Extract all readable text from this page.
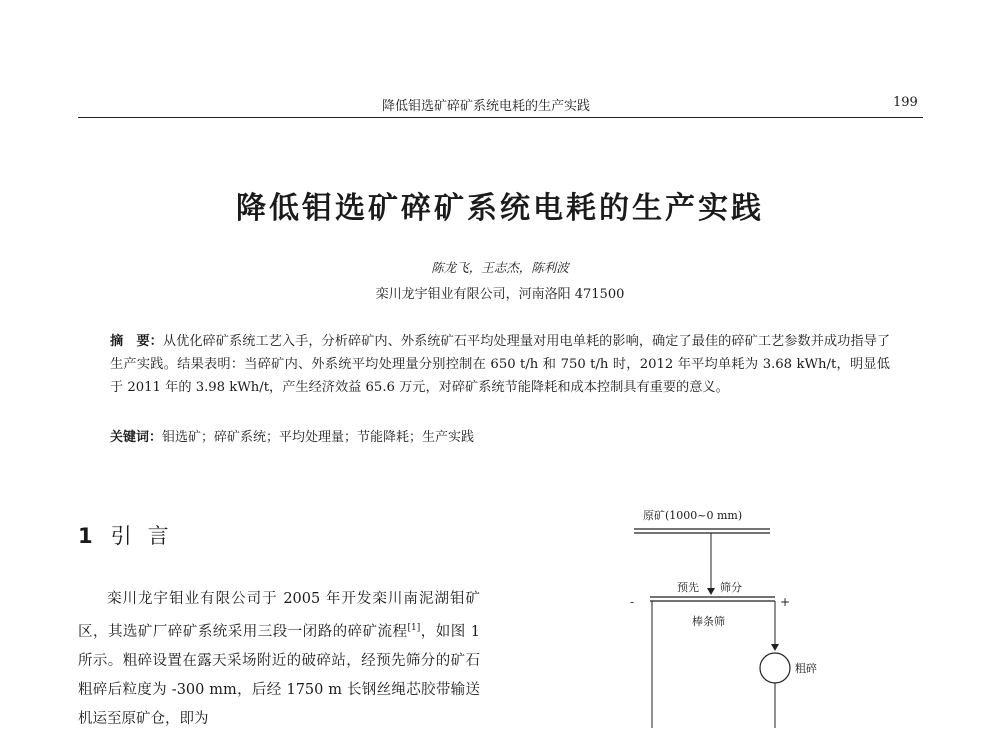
降低钼选矿碎矿系统电耗的生产实践	199
降低钼选矿碎矿系统电耗的生产实践
陈龙飞，王志杰，陈利波
栾川龙宇钼业有限公司，河南洛阳 471500
摘　要：从优化碎矿系统工艺入手，分析碎矿内、外系统矿石平均处理量对用电单耗的影响，确定了最佳的碎矿工艺参数并成功指导了生产实践。结果表明：当碎矿内、外系统平均处理量分别控制在 650 t/h 和 750 t/h 时，2012 年平均单耗为 3.68 kWh/t，明显低于 2011 年的 3.98 kWh/t，产生经济效益 65.6 万元，对碎矿系统节能降耗和成本控制具有重要的意义。
关键词：钼选矿；碎矿系统；平均处理量；节能降耗；生产实践
1 引言

栾川龙宇钼业有限公司于 2005 年开发栾川南泥湖钼矿区，其选矿厂碎矿系统采用三段一闭路的碎矿流程[1]，如图 1 所示。粗碎设置在露天采场附近的破碎站，经预先筛分的矿石粗碎后粒度为 -300 mm，后经 1750 m 长钢丝绳芯胶带输送机运至原矿仓，即为

原矿(1000~0 mm)
预先 筛分
-	+
棒条筛
粗碎
